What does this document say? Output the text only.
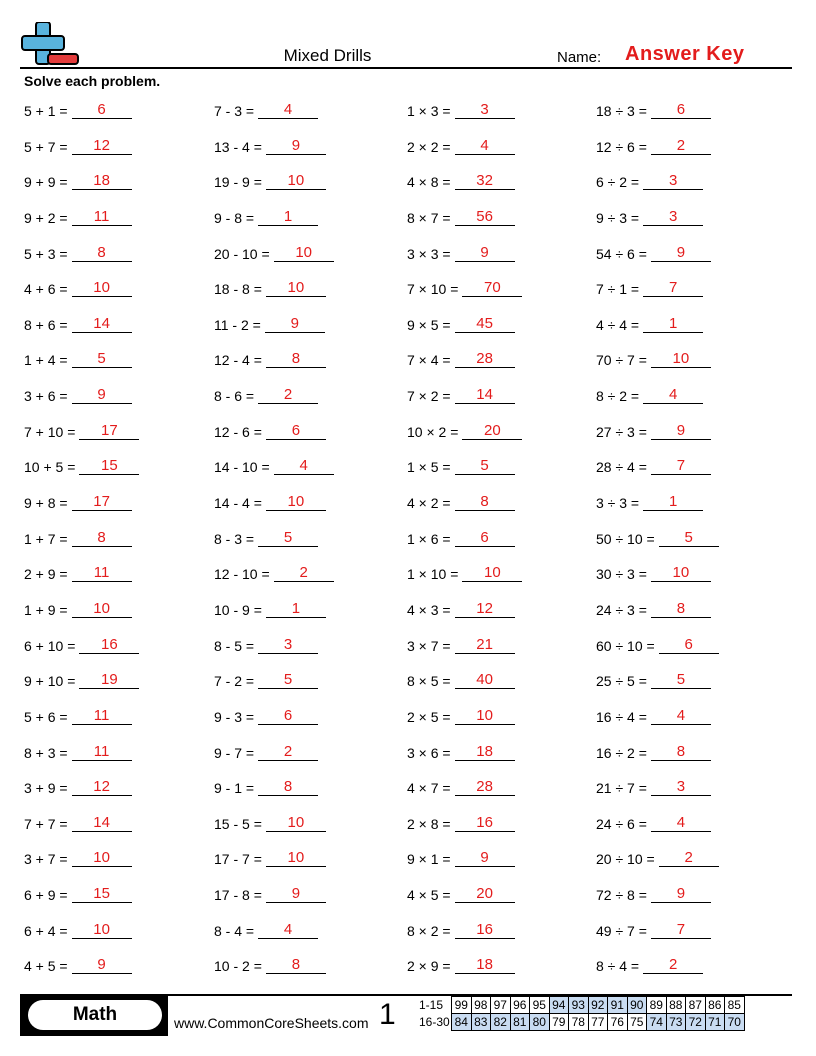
Mixed Drills	Name: Answer Key
Solve each problem.
5 + 1 =	6	7 - 3 =	4	1 × 3 =	3	18 ÷ 3 =	6
5 + 7 =	12	13 - 4 =	9	2 × 2 =	4	12 ÷ 6 =	2
9 + 9 =	18	19 - 9 =	10	4 × 8 =	32	6 ÷ 2 =	3
9 + 2 =	11	9 - 8 =	1	8 × 7 =	56	9 ÷ 3 =	3
5 + 3 =	8	20 - 10 =	10	3 × 3 =	9	54 ÷ 6 =	9
4 + 6 =	10	18 - 8 =	10	7 × 10 =	70	7 ÷ 1 =	7
8 + 6 =	14	11 - 2 =	9	9 × 5 =	45	4 ÷ 4 =	1
1 + 4 =	5	12 - 4 =	8	7 × 4 =	28	70 ÷ 7 =	10
3 + 6 =	9	8 - 6 =	2	7 × 2 =	14	8 ÷ 2 =	4
7 + 10 =	17	12 - 6 =	6	10 × 2 =	20	27 ÷ 3 =	9
10 + 5 =	15	14 - 10 =	4	1 × 5 =	5	28 ÷ 4 =	7
9 + 8 =	17	14 - 4 =	10	4 × 2 =	8	3 ÷ 3 =	1
1 + 7 =	8	8 - 3 =	5	1 × 6 =	6	50 ÷ 10 =	5
2 + 9 =	11	12 - 10 =	2	1 × 10 =	10	30 ÷ 3 =	10
1 + 9 =	10	10 - 9 =	1	4 × 3 =	12	24 ÷ 3 =	8
6 + 10 =	16	8 - 5 =	3	3 × 7 =	21	60 ÷ 10 =	6
9 + 10 =	19	7 - 2 =	5	8 × 5 =	40	25 ÷ 5 =	5
5 + 6 =	11	9 - 3 =	6	2 × 5 =	10	16 ÷ 4 =	4
8 + 3 =	11	9 - 7 =	2	3 × 6 =	18	16 ÷ 2 =	8
3 + 9 =	12	9 - 1 =	8	4 × 7 =	28	21 ÷ 7 =	3
7 + 7 =	14	15 - 5 =	10	2 × 8 =	16	24 ÷ 6 =	4
3 + 7 =	10	17 - 7 =	10	9 × 1 =	9	20 ÷ 10 =	2
6 + 9 =	15	17 - 8 =	9	4 × 5 =	20	72 ÷ 8 =	9
6 + 4 =	10	8 - 4 =	4	8 × 2 =	16	49 ÷ 7 =	7
4 + 5 =	9	10 - 2 =	8	2 × 9 =	18	8 ÷ 4 =	2
Math	www.CommonCoreSheets.com 1 1-15	99	98	97	96	95	94	93	92	91	90	89	88	87	86	85
16-30	84	83	82	81	80	79	78	77	76	75	74	73	72	71	70
